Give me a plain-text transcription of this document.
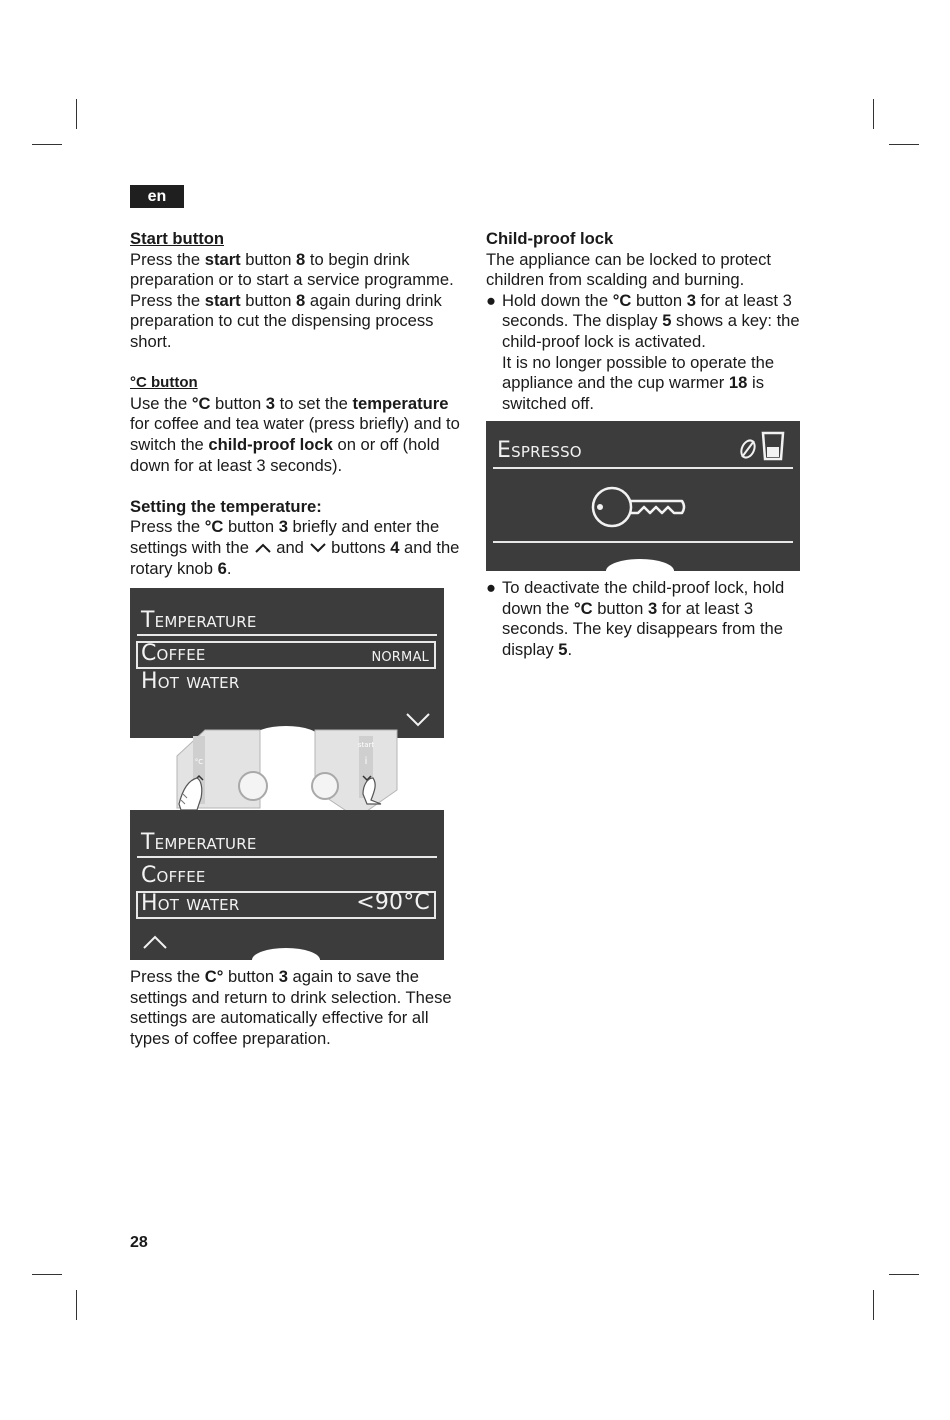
en

Start button

Press the start button 8 to begin drink preparation or to start a service programme.

Press the start button 8 again during drink preparation to cut the dispensing process short.

°C button

Use the °C button 3 to set the temperature for coffee and tea water (press briefly) and to switch the child-proof lock on or off (hold down for at least 3 seconds).

Setting the temperature:

Press the °C button 3 briefly and enter the settings with the  and  buttons 4 and the rotary knob 6.

Temperature
Coffee	normal
Hot water
°C
start
i
Temperature
Coffee
Hot water	<90°C

Press the C° button 3 again to save the settings and return to drink selection. These settings are automatically effective for all types of coffee preparation.

Child-proof lock

The appliance can be locked to protect children from scalding and burning.

● Hold down the °C button 3 for at least 3 seconds. The display 5 shows a key: the child-proof lock is activated.

It is no longer possible to operate the appliance and the cup warmer 18 is switched off.

Espresso
● To deactivate the child-proof lock, hold down the °C button 3 for at least 3 seconds. The key disappears from the display 5.

28
